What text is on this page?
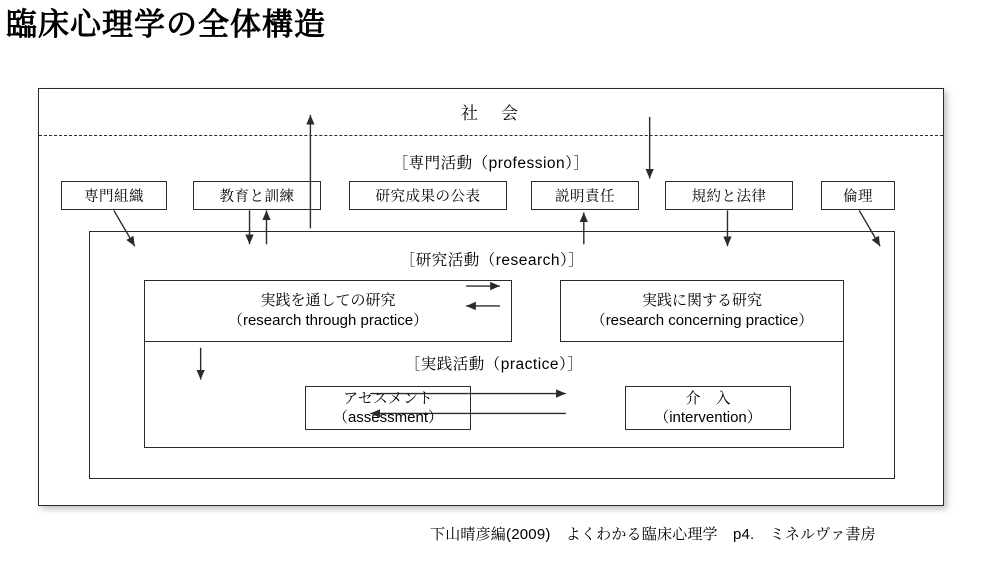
臨床心理学の全体構造
社　会
［専門活動（profession）］
専門組織	教育と訓練	研究成果の公表	説明責任	規約と法律	倫理
［研究活動（research）］
実践を通しての研究
（research through practice）
実践に関する研究
（research concerning practice）
［実践活動（practice）］
アセスメント
（assessment）
介　入
（intervention）
下山晴彦編(2009)　よくわかる臨床心理学　p4.　ミネルヴァ書房
